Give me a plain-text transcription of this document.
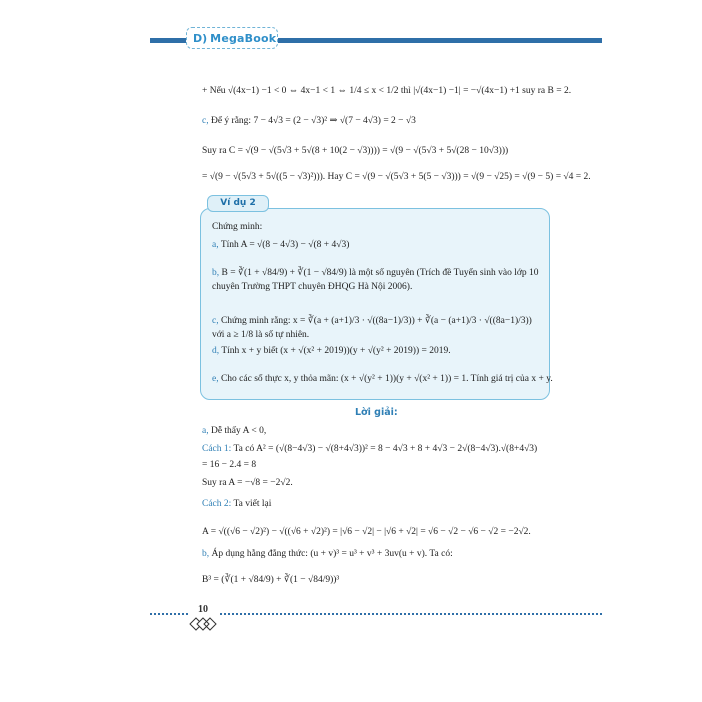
D) MegaBook
+ Nếu √(4x−1) −1 < 0 ⇔ 4x−1 < 1 ⇔ 1/4 ≤ x < 1/2 thì |√(4x−1) −1| = −√(4x−1) +1 suy ra B = 2.
c, Để ý rằng: 7 − 4√3 = (2 − √3)² ⇒ √(7 − 4√3) = 2 − √3
Suy ra C = √(9 − √(5√3 + 5√(8 + 10(2 − √3)))) = √(9 − √(5√3 + 5√(28 − 10√3)))
= √(9 − √(5√3 + 5√((5 − √3)²))). Hay C = √(9 − √(5√3 + 5(5 − √3))) = √(9 − √25) = √(9 − 5) = √4 = 2.
Ví dụ 2
Chứng minh:
a, Tính A = √(8 − 4√3) − √(8 + 4√3)
b, B = ∛(1 + √84/9) + ∛(1 − √84/9) là một số nguyên (Trích đề Tuyển sinh vào lớp 10 chuyên Trường THPT chuyên ĐHQG Hà Nội 2006).
c, Chứng minh rằng: x = ∛(a + (a+1)/3 · √((8a−1)/3)) + ∛(a − (a+1)/3 · √((8a−1)/3)) với a ≥ 1/8 là số tự nhiên.
d, Tính x + y biết (x + √(x² + 2019))(y + √(y² + 2019)) = 2019.
e, Cho các số thực x, y thỏa mãn: (x + √(y² + 1))(y + √(x² + 1)) = 1. Tính giá trị của x + y.
Lời giải:
a, Dễ thấy A < 0,
Cách 1: Ta có A² = (√(8−4√3) − √(8+4√3))² = 8 − 4√3 + 8 + 4√3 − 2√(8−4√3).√(8+4√3)
= 16 − 2.4 = 8
Suy ra A = −√8 = −2√2.
Cách 2: Ta viết lại
A = √((√6 − √2)²) − √((√6 + √2)²) = |√6 − √2| − |√6 + √2| = √6 − √2 − √6 − √2 = −2√2.
b, Áp dụng hằng đẳng thức: (u + v)³ = u³ + v³ + 3uv(u + v). Ta có:
B³ = (∛(1 + √84/9) + ∛(1 − √84/9))³
10
